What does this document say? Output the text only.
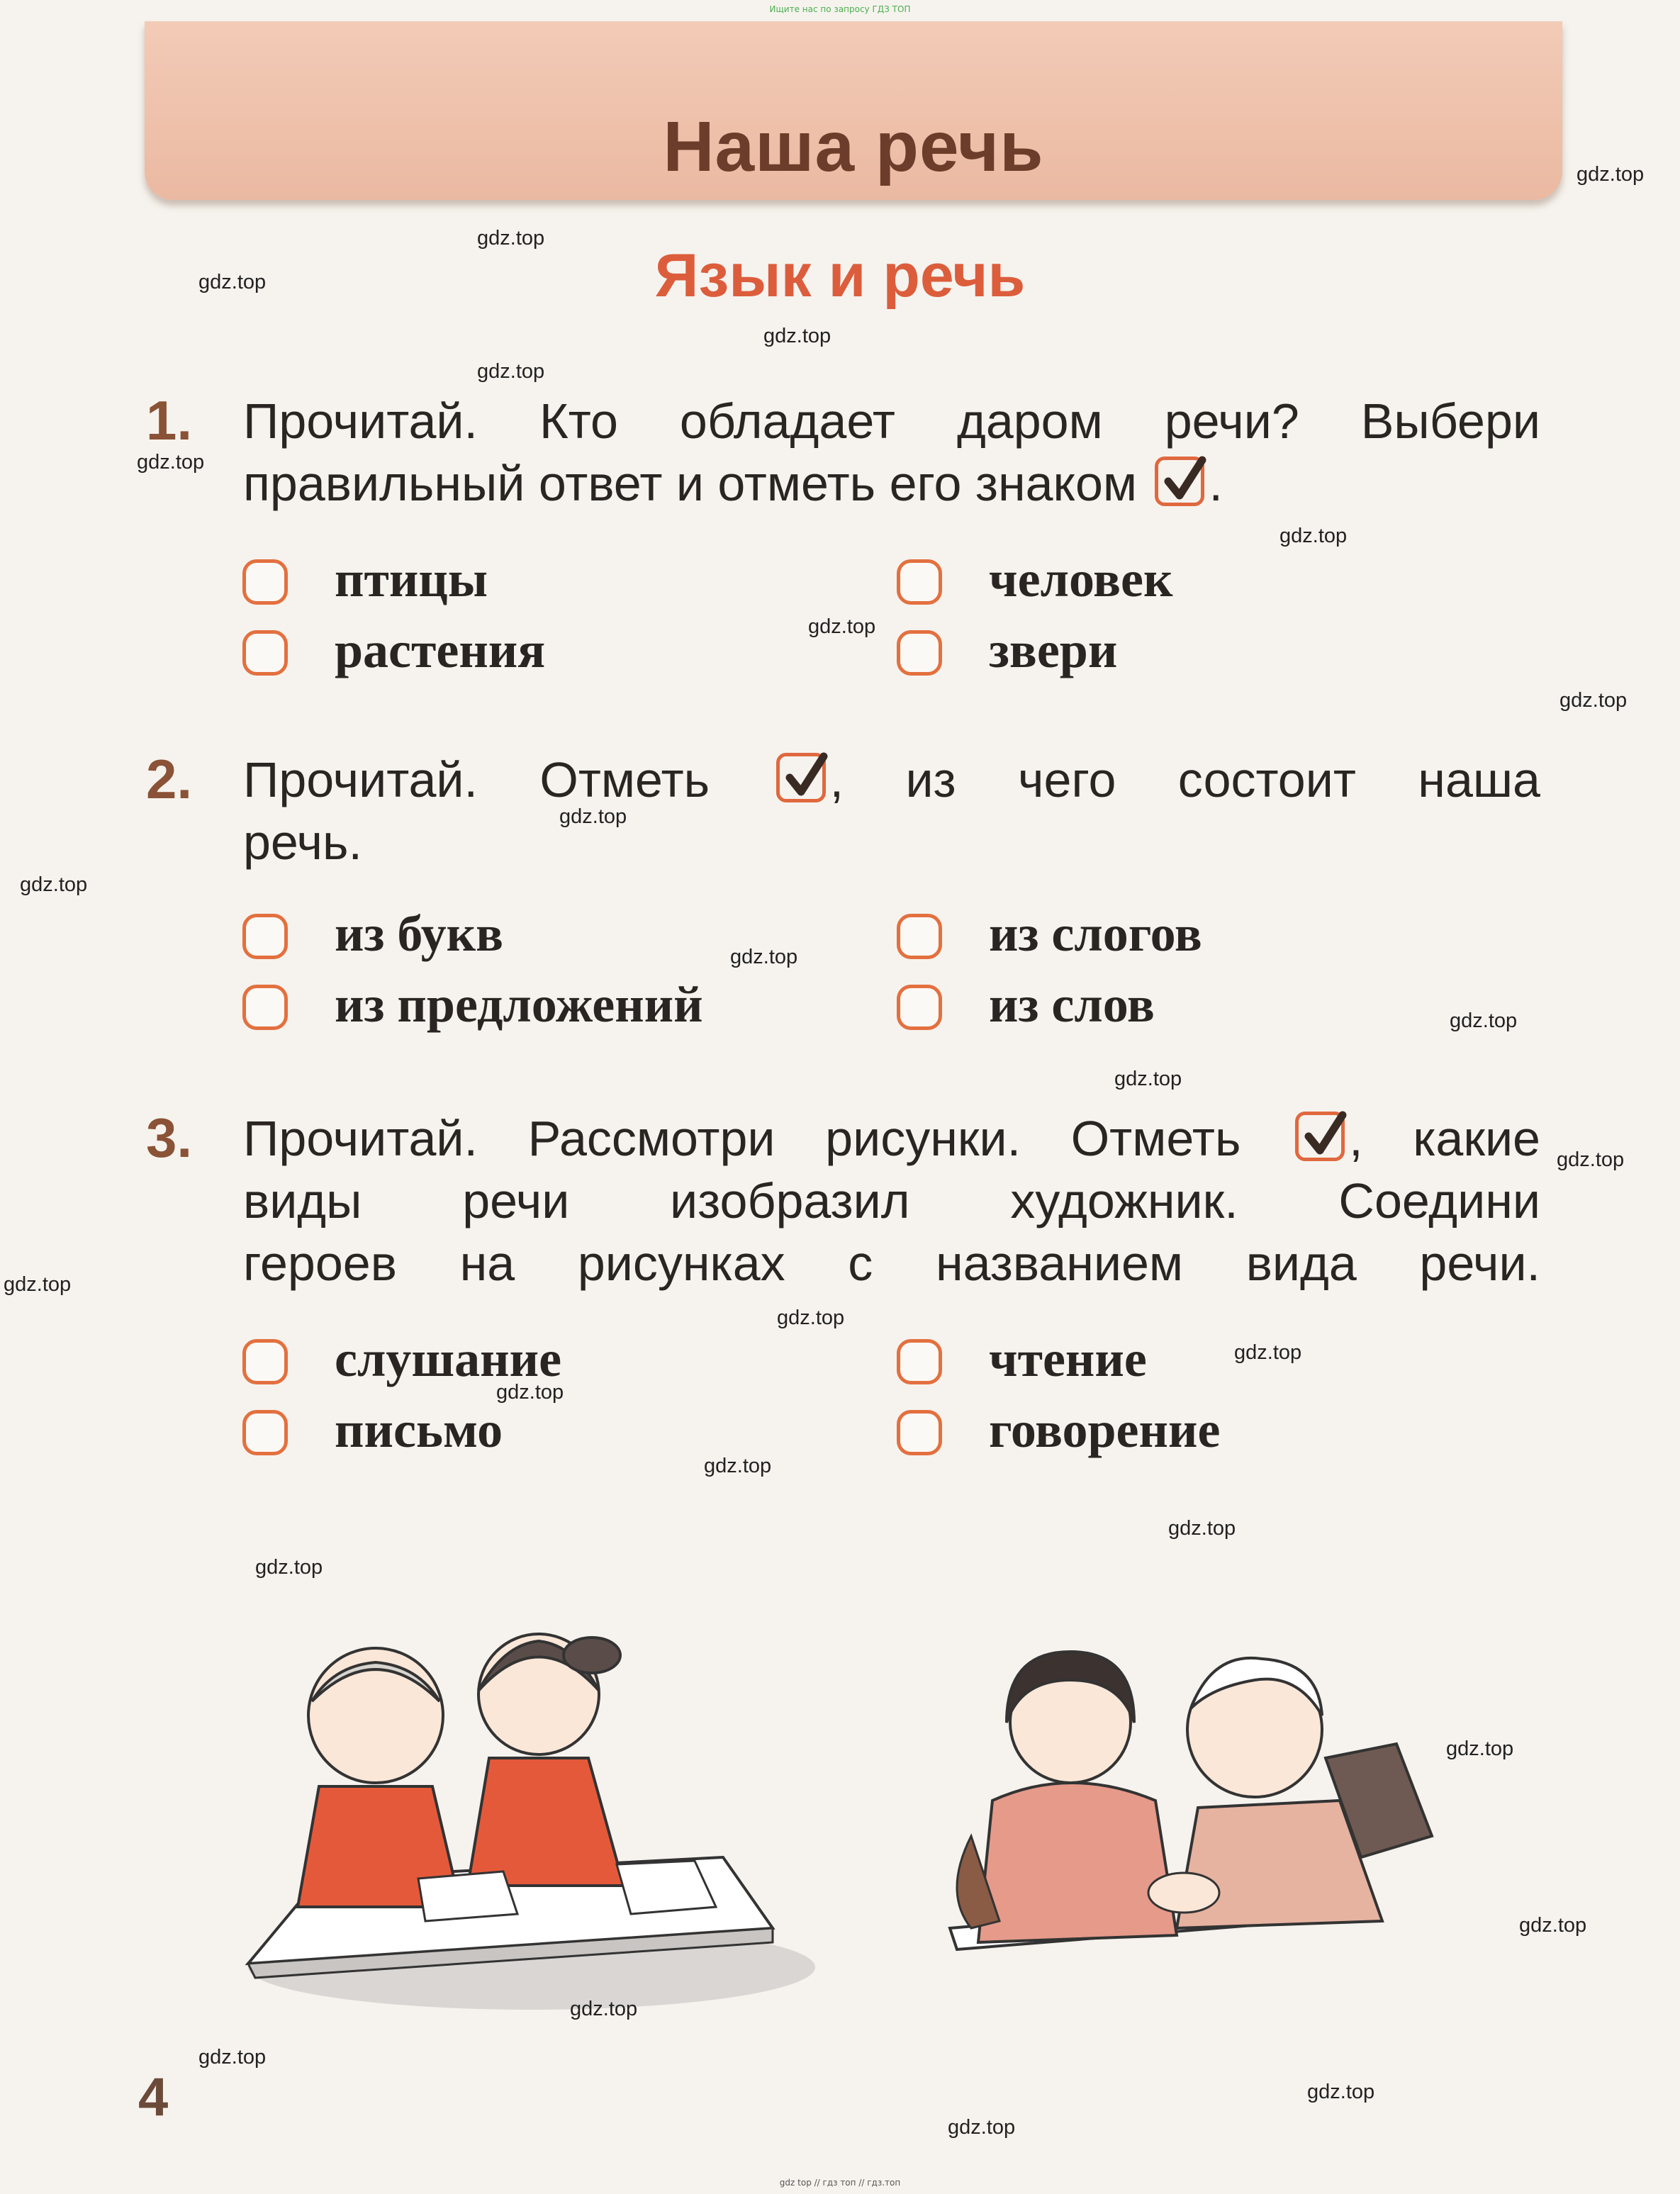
Ищите нас по запросу ГДЗ ТОП
Наша речь
Язык и речь
1. Прочитай. Кто обладает даром речи? Выбери
правильный ответ и отметь его знаком .
птицы	человек
растения	звери
2. Прочитай. Отметь , из чего состоит наша
речь.
из букв	из слогов
из предложений	из слов
3. Прочитай. Рассмотри рисунки. Отметь , какие
виды речи изобразил художник. Соедини
героев на рисунках с названием вида речи.
слушание	чтение
письмо	говорение
4
gdz.top
gdz.top
gdz.top
gdz.top
gdz.top
gdz.top
gdz.top
gdz.top
gdz.top
gdz.top
gdz.top
gdz.top
gdz.top
gdz.top
gdz.top
gdz.top
gdz.top
gdz.top
gdz.top
gdz.top
gdz.top
gdz.top
gdz.top
gdz.top
gdz.top
gdz.top
gdz.top
gdz.top
gdz top // гдз топ // гдз.топ
